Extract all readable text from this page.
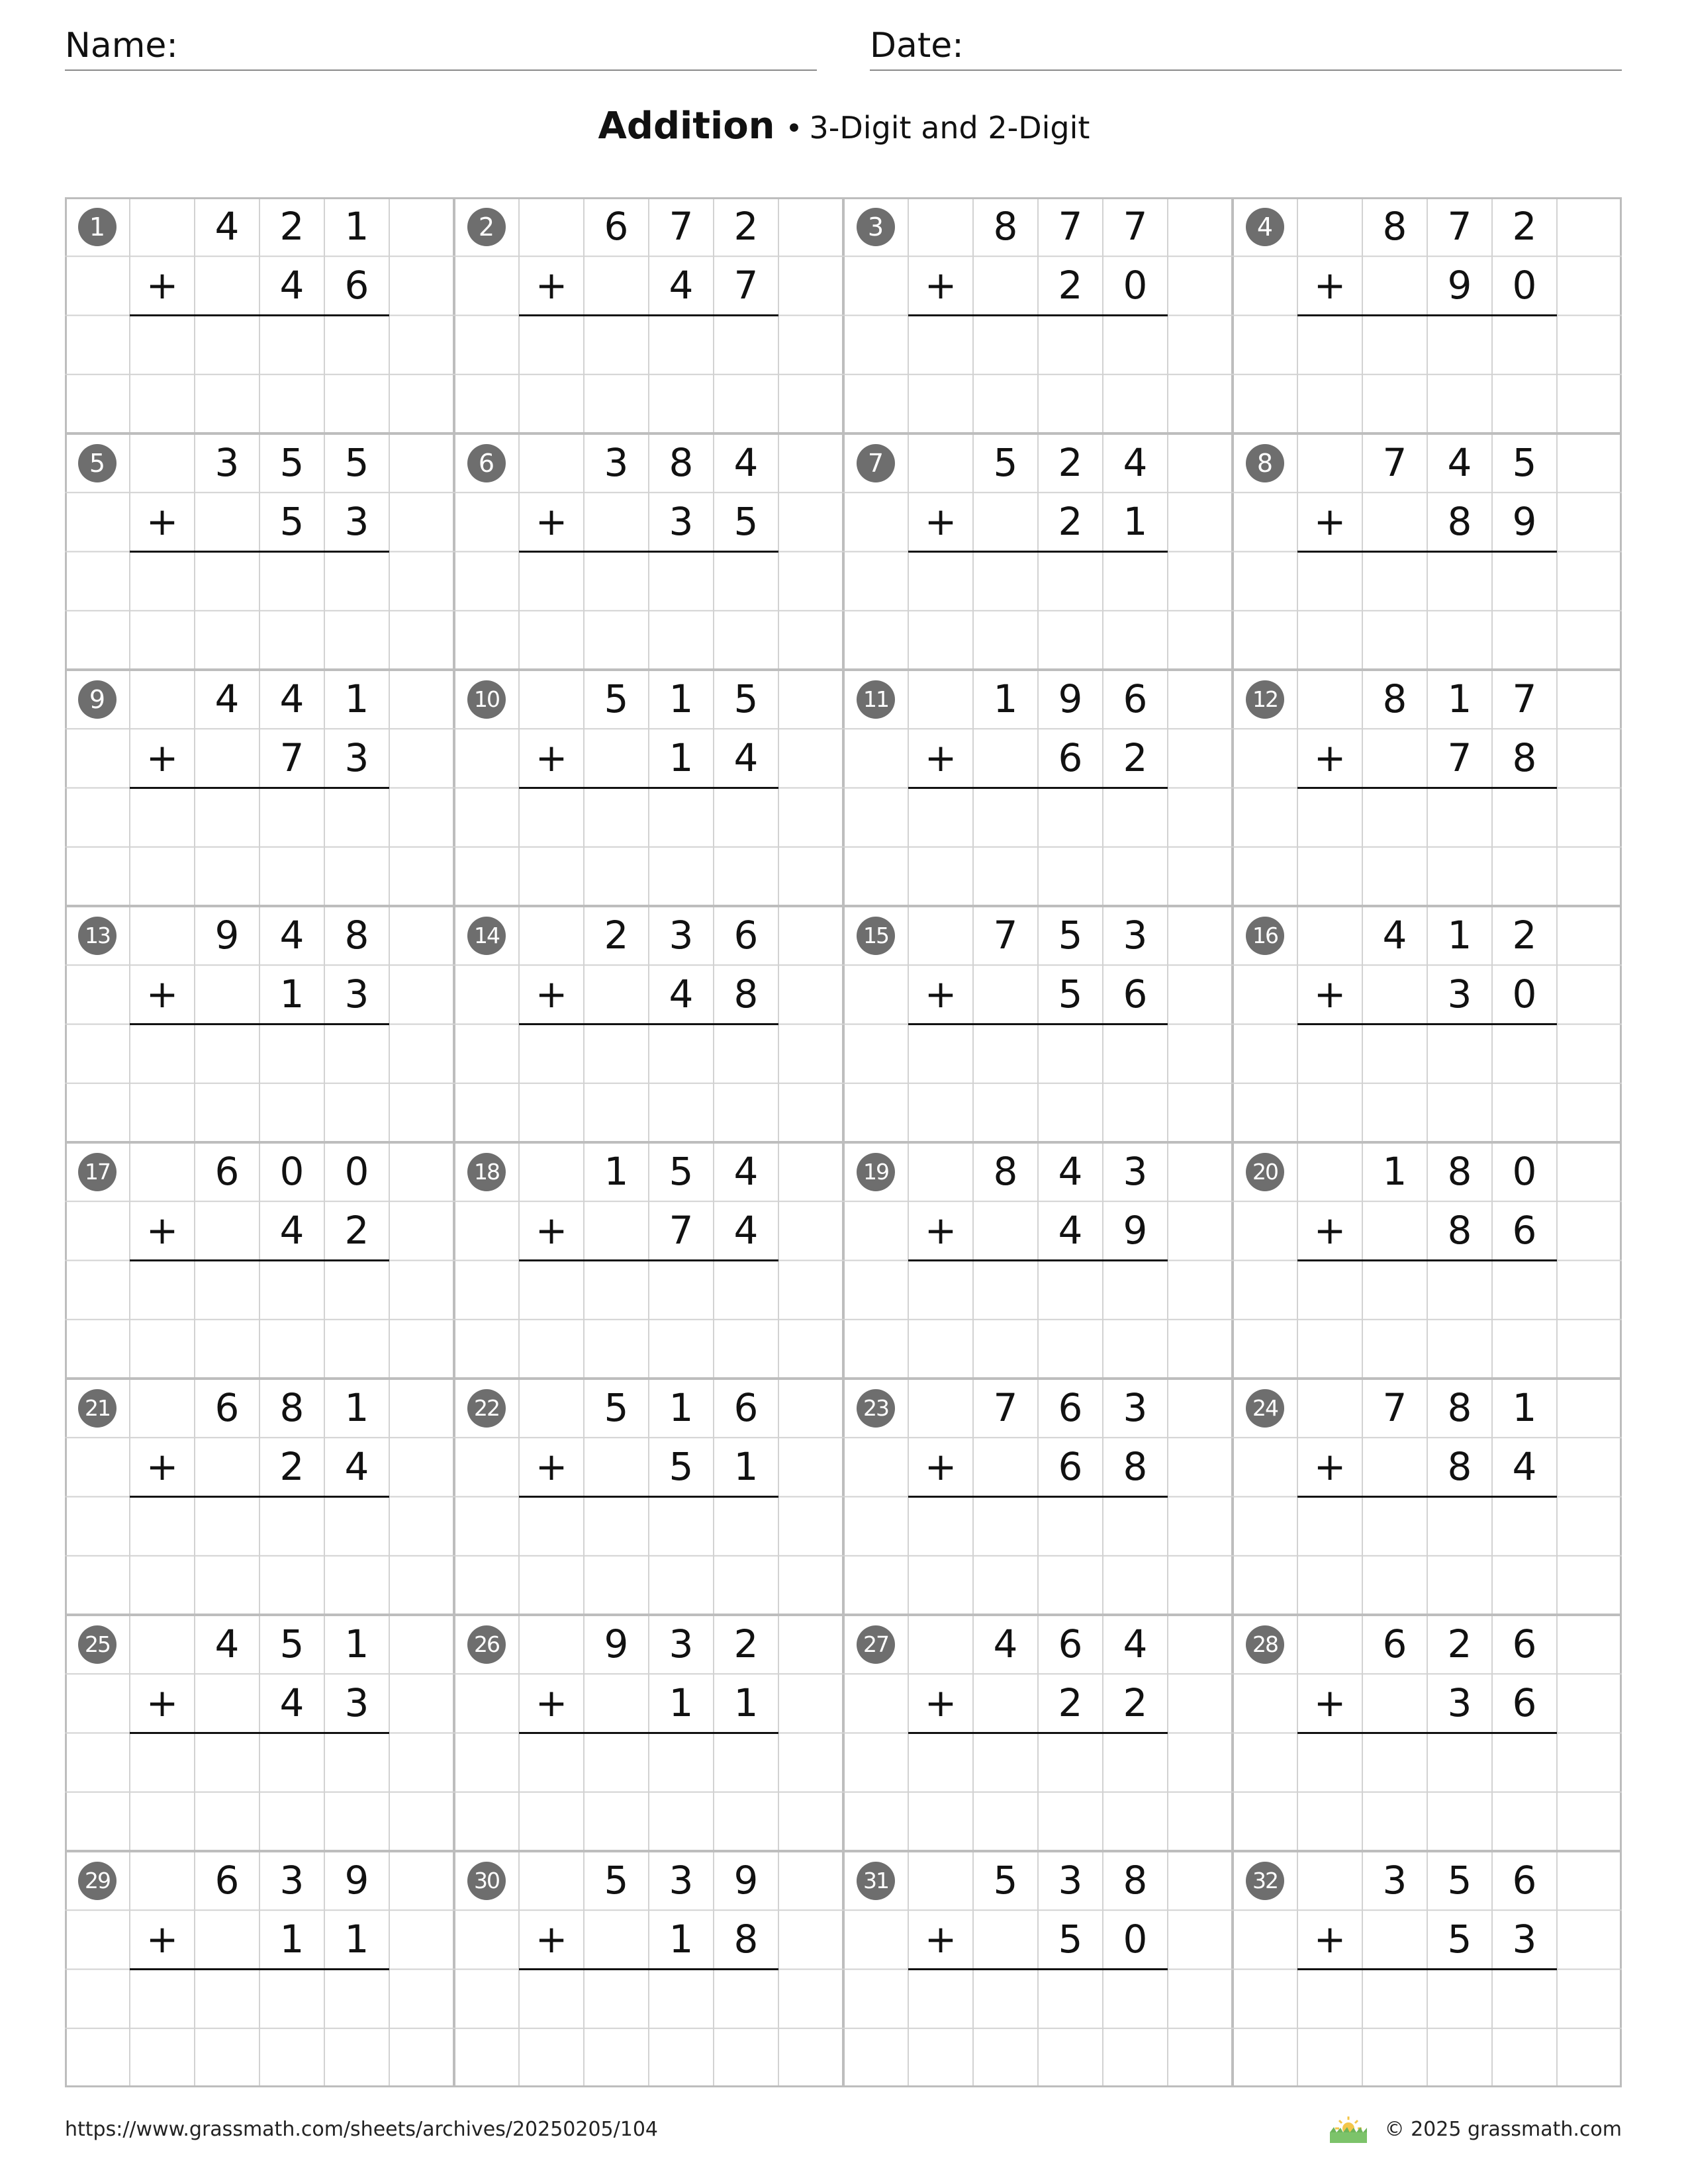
Name:	Date:
Addition • 3-Digit and 2-Digit
1	4	2	1
+	4	6
2	6	7	2
+	4	7
3	8	7	7
+	2	0
4	8	7	2
+	9	0
5	3	5	5
+	5	3
6	3	8	4
+	3	5
7	5	2	4
+	2	1
8	7	4	5
+	8	9
9	4	4	1
+	7	3
10	5	1	5
+	1	4
11	1	9	6
+	6	2
12	8	1	7
+	7	8
13	9	4	8
+	1	3
14	2	3	6
+	4	8
15	7	5	3
+	5	6
16	4	1	2
+	3	0
17	6	0	0
+	4	2
18	1	5	4
+	7	4
19	8	4	3
+	4	9
20	1	8	0
+	8	6
21	6	8	1
+	2	4
22	5	1	6
+	5	1
23	7	6	3
+	6	8
24	7	8	1
+	8	4
25	4	5	1
+	4	3
26	9	3	2
+	1	1
27	4	6	4
+	2	2
28	6	2	6
+	3	6
29	6	3	9
+	1	1
30	5	3	9
+	1	8
31	5	3	8
+	5	0
32	3	5	6
+	5	3
https://www.grassmath.com/sheets/archives/20250205/104	© 2025 grassmath.com
